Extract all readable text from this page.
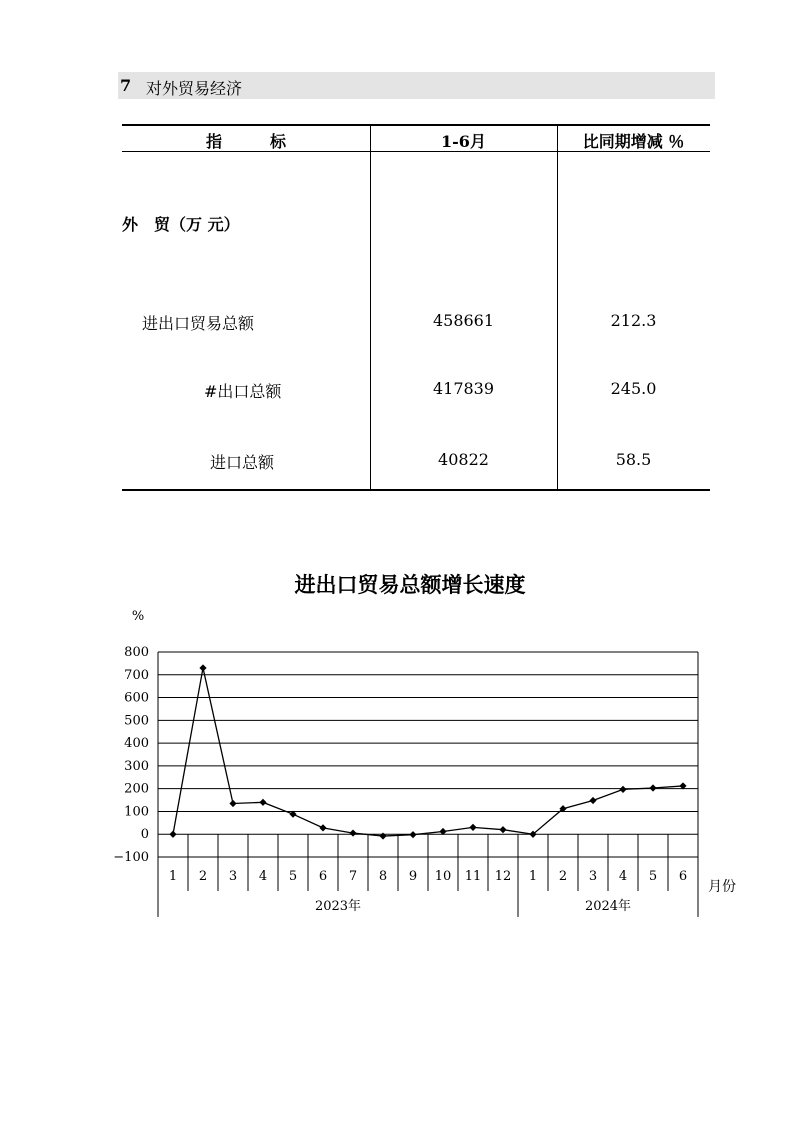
7 对外贸易经济
指　　　标	1-6月	比同期增减 ％
外　贸（万 元）
进出口贸易总额	458661	212.3
#出口总额	417839	245.0
进口总额	40822	58.5
进出口贸易总额增长速度
%
800
700
600
500
400
300
200
100
0
−100
1 2 3 4 5 6 7 8 9 10 11 12 1 2 3 4 5 6
2023年	2024年
月份
